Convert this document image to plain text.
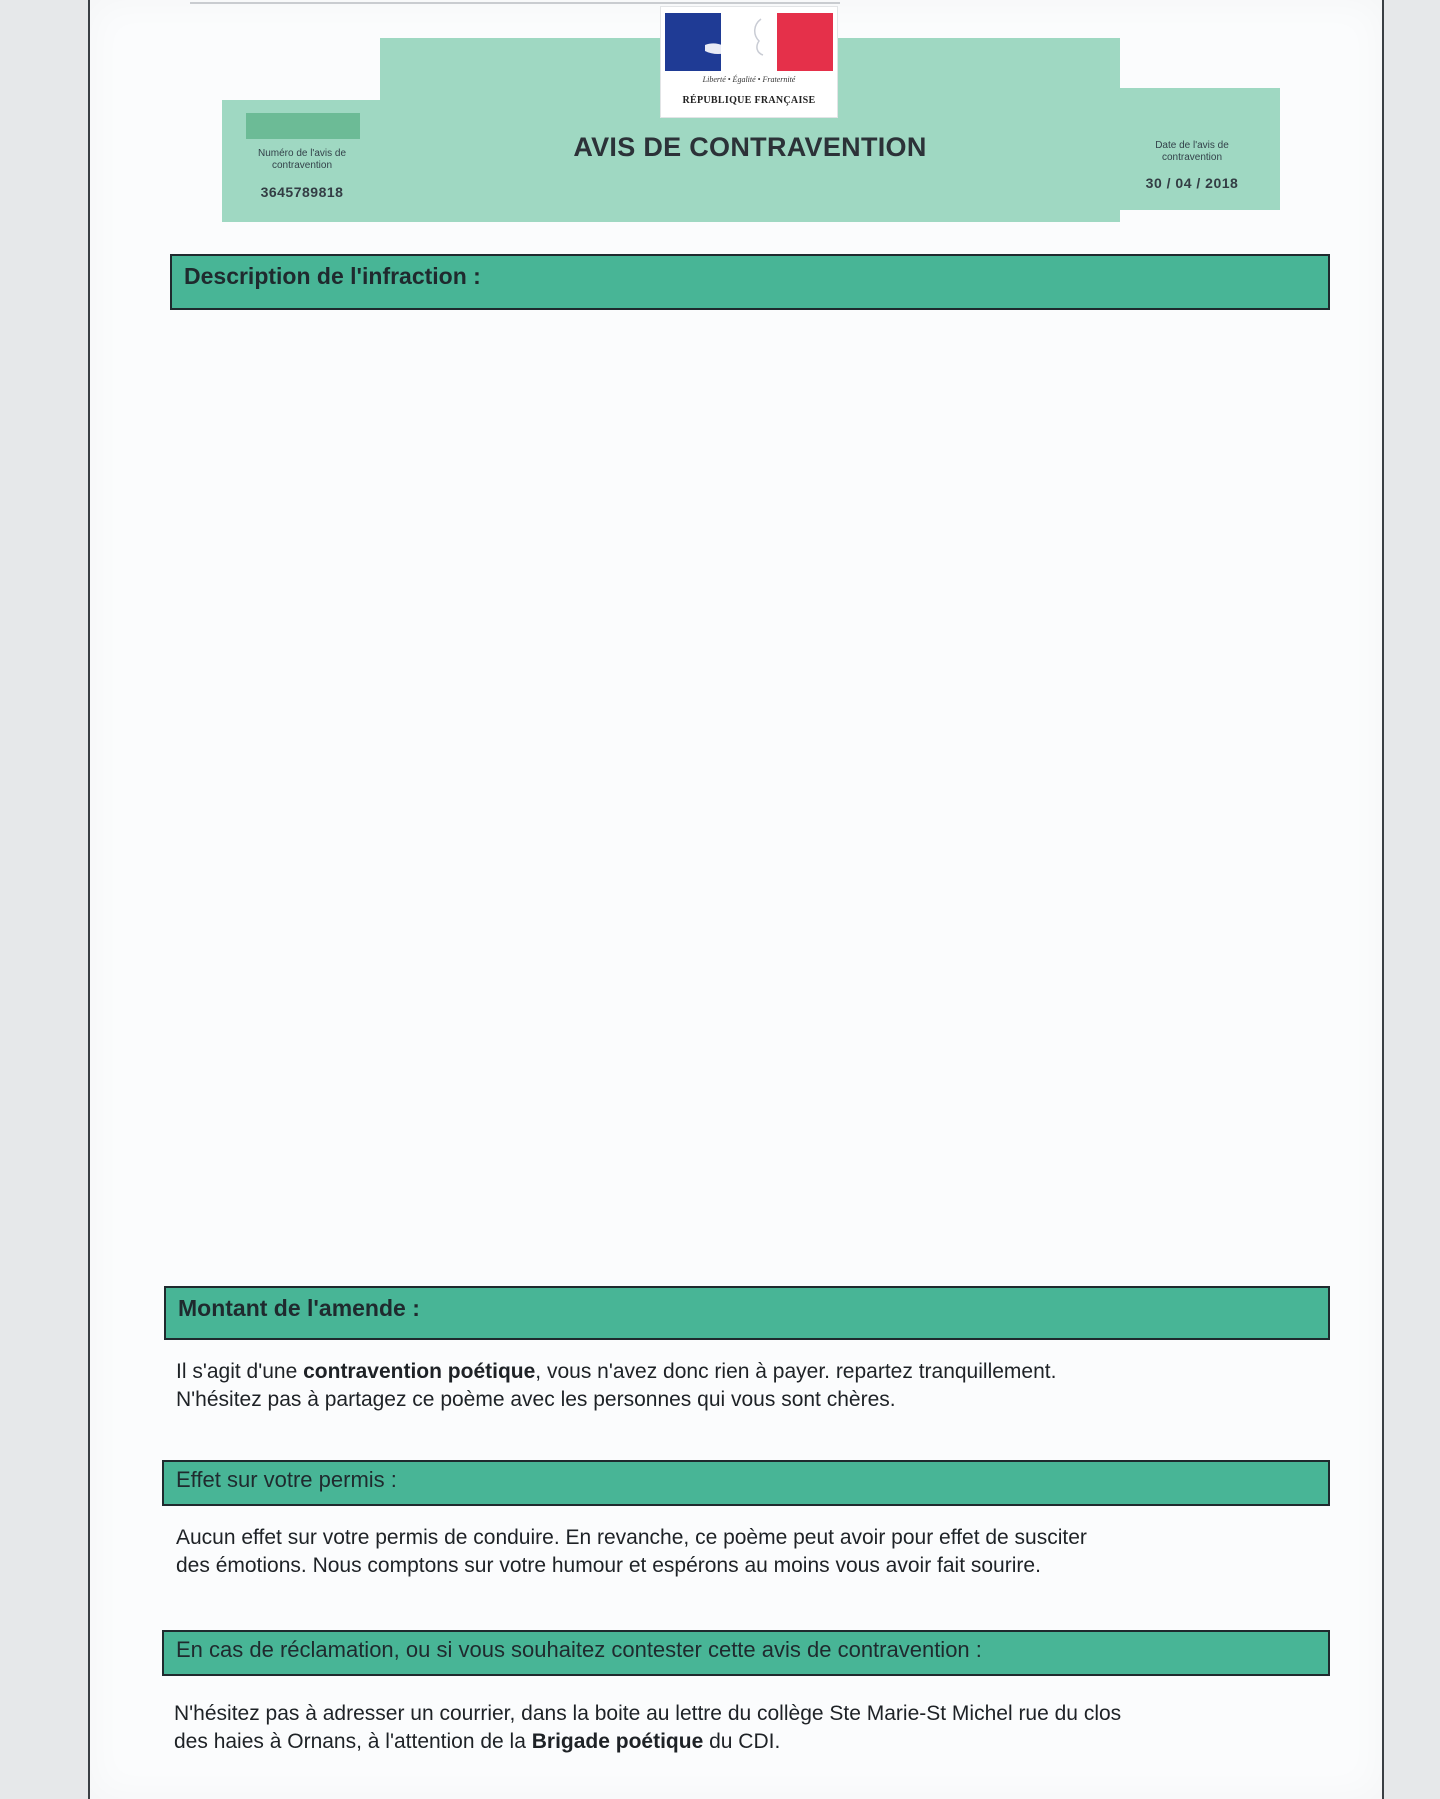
Numéro de l'avis de contravention
3645789818
AVIS DE CONTRAVENTION	Date de l'avis de contravention
30 / 04 / 2018
Liberté • Égalité • Fraternité
RÉPUBLIQUE FRANÇAISE
Description de l'infraction :
Montant de l'amende :
Il s'agit d'une contravention poétique, vous n'avez donc rien à payer. repartez tranquillement.
N'hésitez pas à partagez ce poème avec les personnes qui vous sont chères.
Effet sur votre permis :
Aucun effet sur votre permis de conduire. En revanche, ce poème peut avoir pour effet de susciter
des émotions. Nous comptons sur votre humour et espérons au moins vous avoir fait sourire.
En cas de réclamation, ou si vous souhaitez contester cette avis de contravention :
N'hésitez pas à adresser un courrier, dans la boite au lettre du collège Ste Marie-St Michel rue du clos
des haies à Ornans, à l'attention de la Brigade poétique du CDI.
